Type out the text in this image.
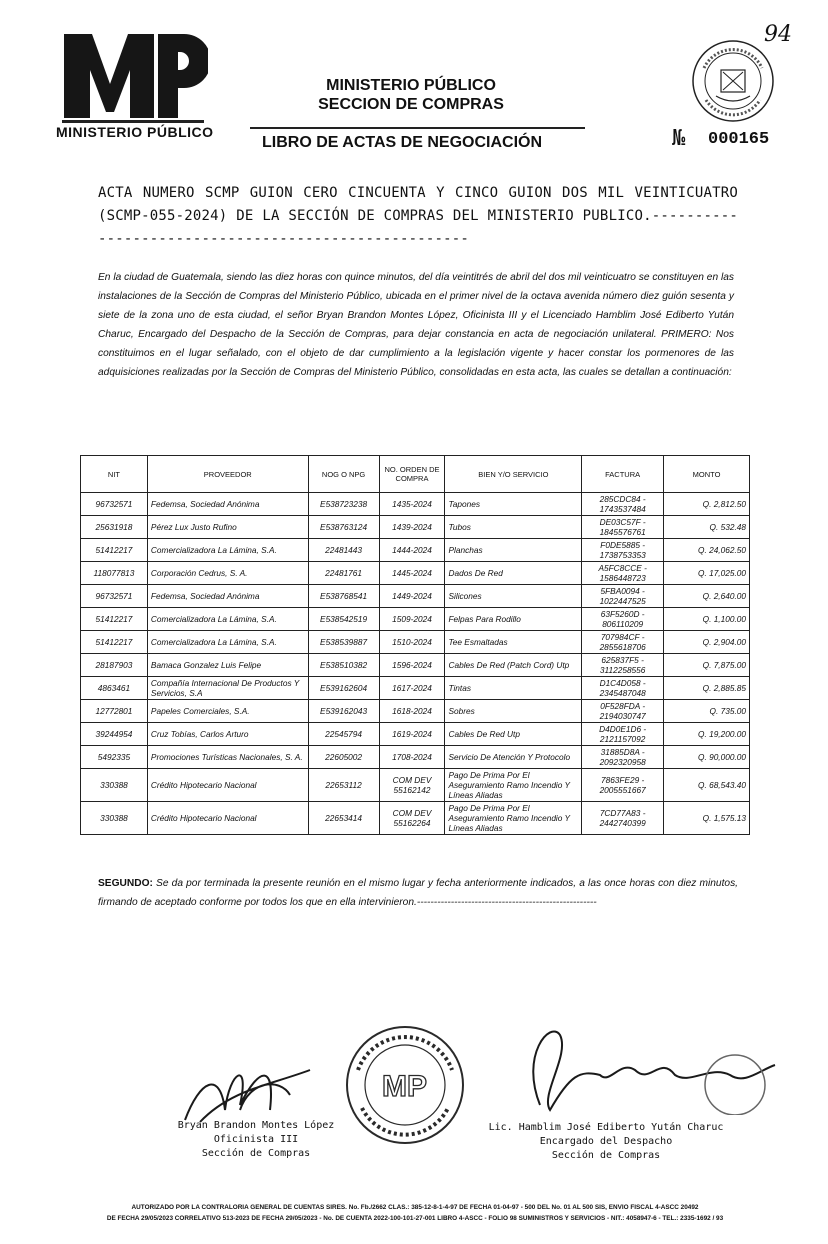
MINISTERIO PÚBLICO
MINISTERIO PÚBLICO
SECCION DE COMPRAS
LIBRO DE ACTAS DE NEGOCIACIÓN	№ 000165
94
ACTA NUMERO SCMP GUION CERO CINCUENTA Y CINCO GUION DOS MIL VEINTICUATRO (SCMP-055-2024) DE LA SECCIÓN DE COMPRAS DEL MINISTERIO PUBLICO.-----------------------------------------------------
En la ciudad de Guatemala, siendo las diez horas con quince minutos, del día veintitrés de abril del dos mil veinticuatro se constituyen en las instalaciones de la Sección de Compras del Ministerio Público, ubicada en el primer nivel de la octava avenida número diez guión sesenta y siete de la zona uno de esta ciudad, el señor Bryan Brandon Montes López, Oficinista III y el Licenciado Hamblim José Ediberto Yután Charuc, Encargado del Despacho de la Sección de Compras, para dejar constancia en acta de negociación unilateral. PRIMERO: Nos constituimos en el lugar señalado, con el objeto de dar cumplimiento a la legislación vigente y hacer constar los pormenores de las adquisiciones realizadas por la Sección de Compras del Ministerio Público, consolidadas en esta acta, las cuales se detallan a continuación:
NIT	PROVEEDOR	NOG O NPG	NO. ORDEN DE COMPRA	BIEN Y/O SERVICIO	FACTURA	MONTO
96732571	Fedemsa, Sociedad Anónima	E538723238	1435-2024	Tapones	285CDC84 - 1743537484	Q. 2,812.50
25631918	Pérez Lux Justo Rufino	E538763124	1439-2024	Tubos	DE03C57F - 1845576761	Q. 532.48
51412217	Comercializadora La Lámina, S.A.	22481443	1444-2024	Planchas	F0DE5885 - 1738753353	Q. 24,062.50
118077813	Corporación Cedrus, S. A.	22481761	1445-2024	Dados De Red	A5FC8CCE - 1586448723	Q. 17,025.00
96732571	Fedemsa, Sociedad Anónima	E538768541	1449-2024	Silicones	5FBA0094 - 1022447525	Q. 2,640.00
51412217	Comercializadora La Lámina, S.A.	E538542519	1509-2024	Felpas Para Rodillo	63F5260D - 806110209	Q. 1,100.00
51412217	Comercializadora La Lámina, S.A.	E538539887	1510-2024	Tee Esmaltadas	707984CF - 2855618706	Q. 2,904.00
28187903	Bamaca Gonzalez Luis Felipe	E538510382	1596-2024	Cables De Red (Patch Cord) Utp	625837F5 - 3112258556	Q. 7,875.00
4863461	Compañía Internacional De Productos Y Servicios, S.A	E539162604	1617-2024	Tintas	D1C4D058 - 2345487048	Q. 2,885.85
12772801	Papeles Comerciales, S.A.	E539162043	1618-2024	Sobres	0F528FDA - 2194030747	Q. 735.00
39244954	Cruz Tobías, Carlos Arturo	22545794	1619-2024	Cables De Red Utp	D4D0E1D6 - 2121157092	Q. 19,200.00
5492335	Promociones Turísticas Nacionales, S. A.	22605002	1708-2024	Servicio De Atención Y Protocolo	31885D8A - 2092320958	Q. 90,000.00
330388	Crédito Hipotecario Nacional	22653112	COM DEV 55162142	Pago De Prima Por El Aseguramiento Ramo Incendio Y Líneas Aliadas	7863FE29 - 2005551667	Q. 68,543.40
330388	Crédito Hipotecario Nacional	22653414	COM DEV 55162264	Pago De Prima Por El Aseguramiento Ramo Incendio Y Líneas Aliadas	7CD77A83 - 2442740399	Q. 1,575.13
SEGUNDO: Se da por terminada la presente reunión en el mismo lugar y fecha anteriormente indicados, a las once horas con diez minutos, firmando de aceptado conforme por todos los que en ella intervinieron.-----------------------------------------------------
MP
Bryan Brandon Montes López
Oficinista III
Sección de Compras
Lic. Hamblim José Ediberto Yután Charuc
Encargado del Despacho
Sección de Compras
AUTORIZADO POR LA CONTRALORIA GENERAL DE CUENTAS SIRES. No. Fb./2662 CLAS.: 385-12-8-1-4-97 DE FECHA 01-04-97 - 500 DEL No. 01 AL 500 SIS, ENVIO FISCAL 4-ASCC 20492
DE FECHA 29/05/2023 CORRELATIVO 513-2023 DE FECHA 29/05/2023 - No. DE CUENTA 2022-100-101-27-001 LIBRO 4-ASCC - FOLIO 98 SUMINISTROS Y SERVICIOS - NIT.: 4058947-6 - TEL.: 2335-1692 / 93
